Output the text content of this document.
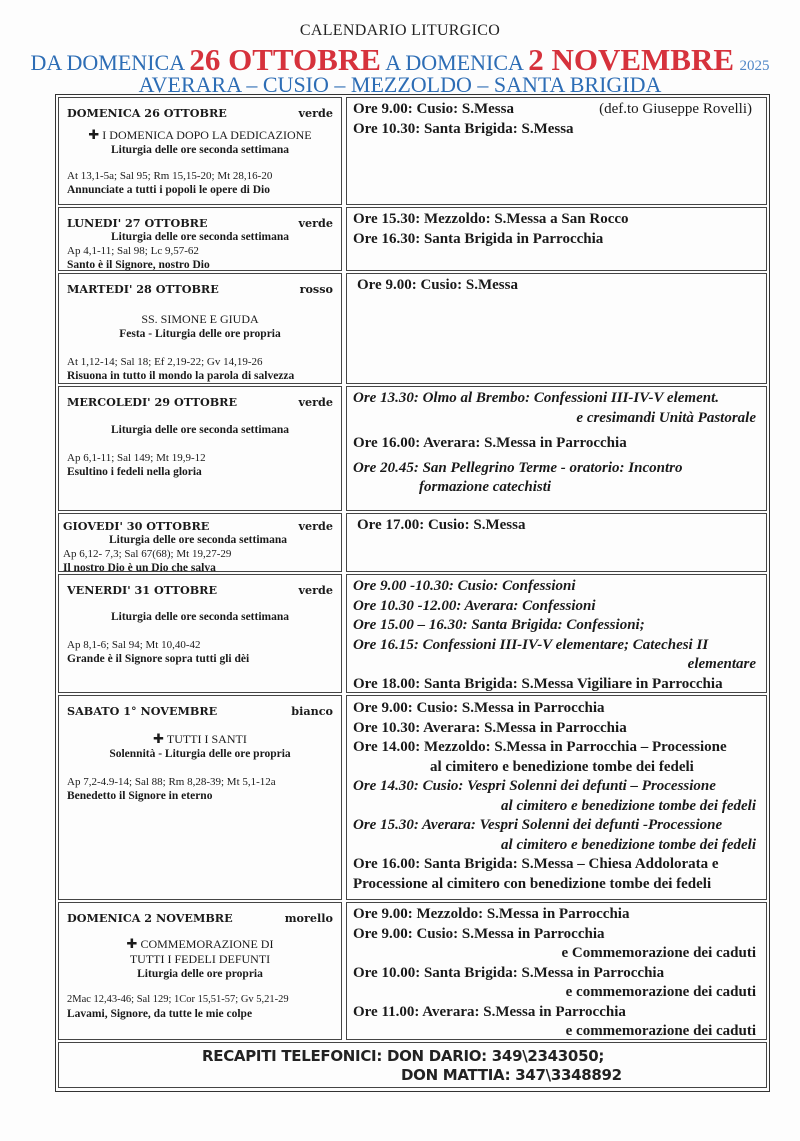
CALENDARIO LITURGICO
DA DOMENICA 26 OTTOBRE A DOMENICA 2 NOVEMBRE 2025
AVERARA – CUSIO – MEZZOLDO – SANTA BRIGIDA
DOMENICA 26 OTTOBRE	verde
✚ I DOMENICA DOPO LA DEDICAZIONE
Liturgia delle ore seconda settimana
At 13,1-5a; Sal 95; Rm 15,15-20; Mt 28,16-20
Annunciate a tutti i popoli le opere di Dio
Ore 9.00: Cusio: S.Messa	(def.to Giuseppe Rovelli)
Ore 10.30: Santa Brigida: S.Messa
LUNEDI' 27 OTTOBRE	verde
Liturgia delle ore seconda settimana
Ap 4,1-11; Sal 98; Lc 9,57-62
Santo è il Signore, nostro Dio
Ore 15.30: Mezzoldo: S.Messa a San Rocco
Ore 16.30: Santa Brigida in Parrocchia
MARTEDI' 28 OTTOBRE	rosso
SS. SIMONE E GIUDA
Festa - Liturgia delle ore propria
At 1,12-14; Sal 18; Ef 2,19-22; Gv 14,19-26
Risuona in tutto il mondo la parola di salvezza
Ore 9.00: Cusio: S.Messa
MERCOLEDI' 29 OTTOBRE	verde
Liturgia delle ore seconda settimana
Ap 6,1-11; Sal 149; Mt 19,9-12
Esultino i fedeli nella gloria
Ore 13.30: Olmo al Brembo: Confessioni III-IV-V element.
e cresimandi Unità Pastorale
Ore 16.00: Averara: S.Messa in Parrocchia
Ore 20.45: San Pellegrino Terme - oratorio: Incontro
formazione catechisti
GIOVEDI' 30 OTTOBRE	verde
Liturgia delle ore seconda settimana
Ap 6,12- 7,3; Sal 67(68); Mt 19,27-29
Il nostro Dio è un Dio che salva
Ore 17.00: Cusio: S.Messa
VENERDI' 31 OTTOBRE	verde
Liturgia delle ore seconda settimana
Ap 8,1-6; Sal 94; Mt 10,40-42
Grande è il Signore sopra tutti gli dèi
Ore 9.00 -10.30: Cusio: Confessioni
Ore 10.30 -12.00: Averara: Confessioni
Ore 15.00 – 16.30: Santa Brigida: Confessioni;
Ore 16.15: Confessioni III-IV-V elementare; Catechesi II
elementare
Ore 18.00: Santa Brigida: S.Messa Vigiliare in Parrocchia
SABATO 1° NOVEMBRE	bianco
✚ TUTTI I SANTI
Solennità - Liturgia delle ore propria
Ap 7,2-4.9-14; Sal 88; Rm 8,28-39; Mt 5,1-12a
Benedetto il Signore in eterno
Ore 9.00: Cusio: S.Messa in Parrocchia
Ore 10.30: Averara: S.Messa in Parrocchia
Ore 14.00: Mezzoldo: S.Messa in Parrocchia – Processione
al cimitero e benedizione tombe dei fedeli
Ore 14.30: Cusio: Vespri Solenni dei defunti – Processione
al cimitero e benedizione tombe dei fedeli
Ore 15.30: Averara: Vespri Solenni dei defunti -Processione
al cimitero e benedizione tombe dei fedeli
Ore 16.00: Santa Brigida: S.Messa – Chiesa Addolorata e
Processione al cimitero con benedizione tombe dei fedeli
DOMENICA 2 NOVEMBRE	morello
✚ COMMEMORAZIONE DI
TUTTI I FEDELI DEFUNTI
Liturgia delle ore propria
2Mac 12,43-46; Sal 129; 1Cor 15,51-57; Gv 5,21-29
Lavami, Signore, da tutte le mie colpe
Ore 9.00: Mezzoldo: S.Messa in Parrocchia
Ore 9.00: Cusio: S.Messa in Parrocchia
e Commemorazione dei caduti
Ore 10.00: Santa Brigida: S.Messa in Parrocchia
e commemorazione dei caduti
Ore 11.00: Averara: S.Messa in Parrocchia
e commemorazione dei caduti
RECAPITI TELEFONICI: DON DARIO: 349\2343050;
DON MATTIA: 347\3348892
